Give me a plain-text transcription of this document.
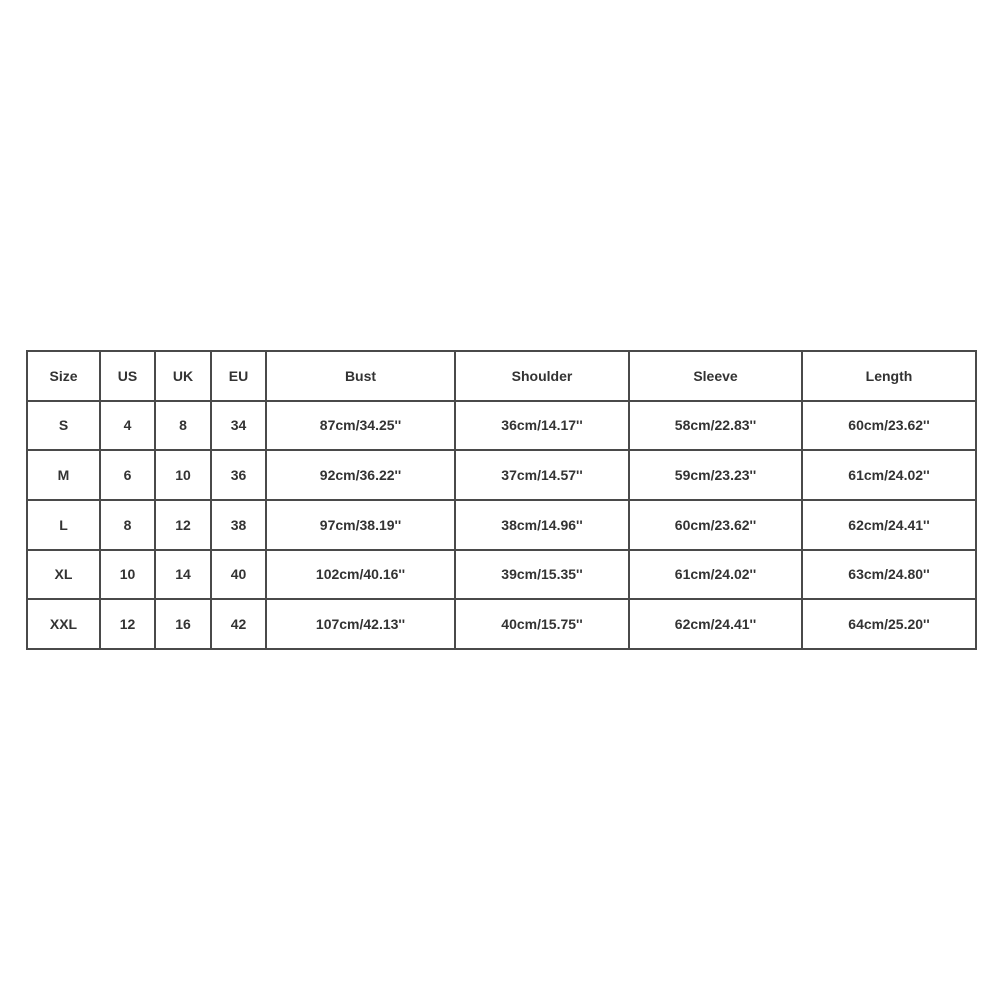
Size	US	UK	EU	Bust	Shoulder	Sleeve	Length
S	4	8	34	87cm/34.25''	36cm/14.17''	58cm/22.83''	60cm/23.62''
M	6	10	36	92cm/36.22''	37cm/14.57''	59cm/23.23''	61cm/24.02''
L	8	12	38	97cm/38.19''	38cm/14.96''	60cm/23.62''	62cm/24.41''
XL	10	14	40	102cm/40.16''	39cm/15.35''	61cm/24.02''	63cm/24.80''
XXL	12	16	42	107cm/42.13''	40cm/15.75''	62cm/24.41''	64cm/25.20''
